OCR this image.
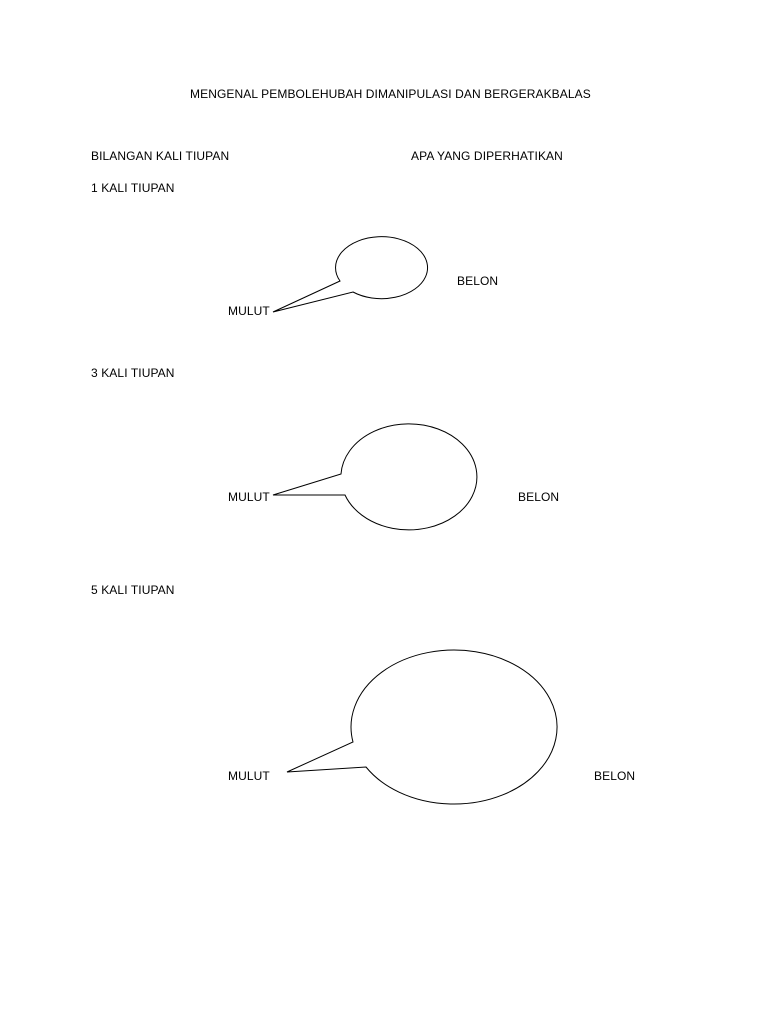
MENGENAL PEMBOLEHUBAH DIMANIPULASI DAN BERGERAKBALAS
BILANGAN KALI TIUPAN	APA YANG DIPERHATIKAN
1 KALI TIUPAN
MULUT
BELON
3 KALI TIUPAN
MULUT	BELON
5 KALI TIUPAN
MULUT	BELON
